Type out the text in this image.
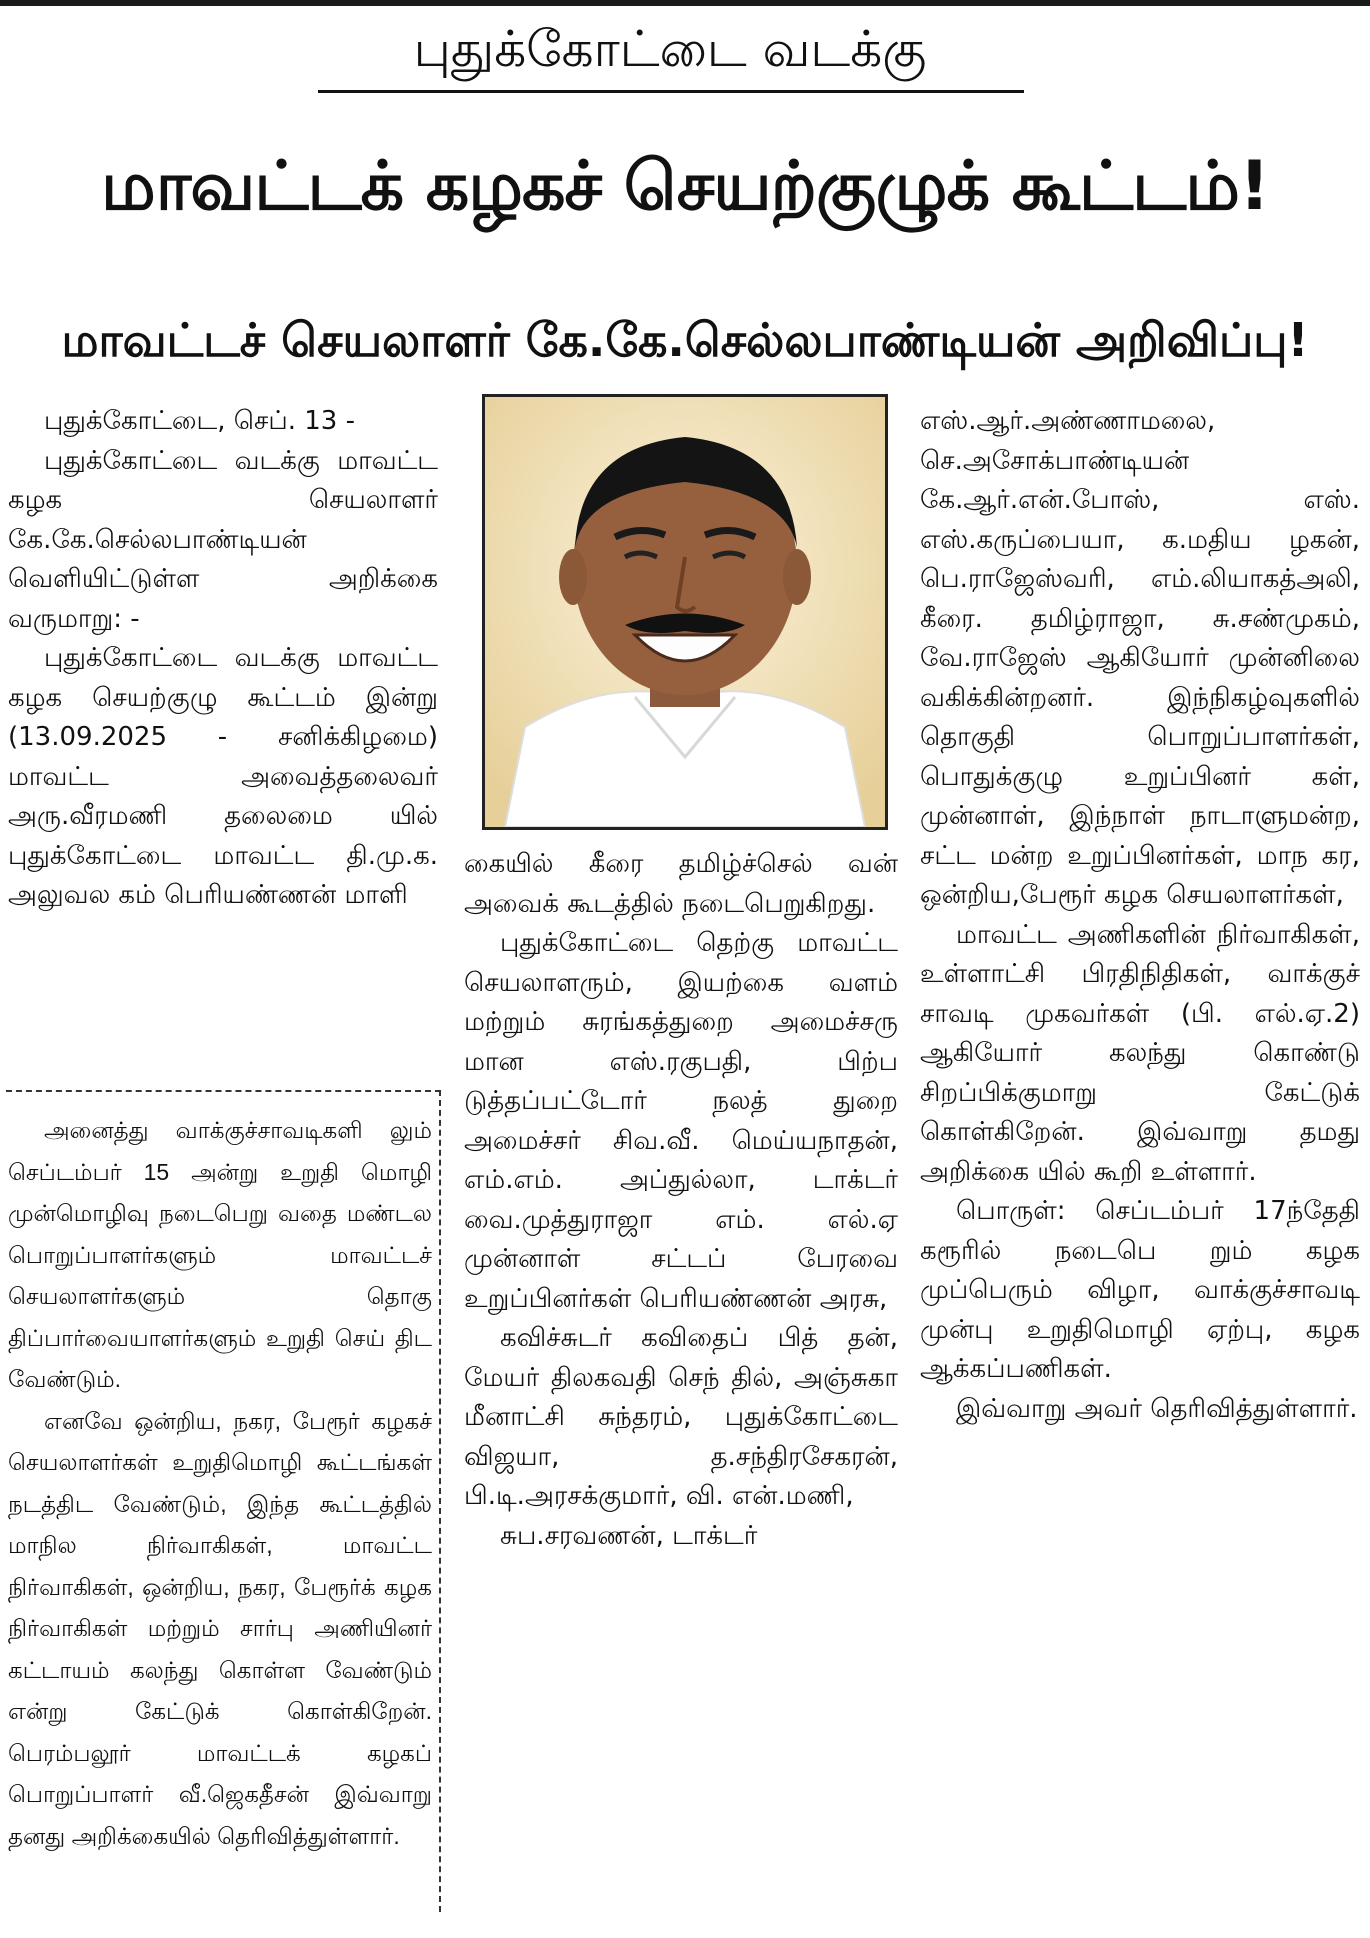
புதுக்கோட்டை வடக்கு
மாவட்டக் கழகச் செயற்குழுக் கூட்டம்!
மாவட்டச் செயலாளர் கே.கே.செல்லபாண்டியன் அறிவிப்பு!

புதுக்கோட்டை, செப். 13 -

புதுக்கோட்டை வடக்கு மாவட்ட கழக செயலாளர் கே.கே.செல்லபாண்டியன் வெளியிட்டுள்ள அறிக்கை வருமாறு: -

புதுக்கோட்டை வடக்கு மாவட்ட கழக செயற்குழு கூட்டம் இன்று (13.09.2025 - சனிக்கிழமை) மாவட்ட அவைத்தலைவர் அரு.வீரமணி தலைமை யில் புதுக்கோட்டை மாவட்ட தி.மு.க. அலுவல கம் பெரியண்ணன் மாளி

அனைத்து வாக்குச்சாவடிகளி லும் செப்டம்பர் 15 அன்று உறுதி மொழி முன்மொழிவு நடைபெறு வதை மண்டல பொறுப்பாளர்களும் மாவட்டச் செயலாளர்களும் தொகு திப்பார்வையாளர்களும் உறுதி செய் திட வேண்டும்.

எனவே ஒன்றிய, நகர, பேரூர் கழகச் செயலாளர்கள் உறுதிமொழி கூட்டங்கள் நடத்திட வேண்டும், இந்த கூட்டத்தில் மாநில நிர்வாகிகள், மாவட்ட நிர்வாகிகள், ஒன்றிய, நகர, பேரூர்க் கழக நிர்வாகிகள் மற்றும் சார்பு அணியினர் கட்டாயம் கலந்து கொள்ள வேண்டும் என்று கேட்டுக் கொள்கிறேன். பெரம்பலூர் மாவட்டக் கழகப் பொறுப்பாளர் வீ.ஜெகதீசன் இவ்வாறு தனது அறிக்கையில் தெரிவித்துள்ளார்.

கையில் கீரை தமிழ்ச்செல் வன் அவைக் கூடத்தில் நடைபெறுகிறது.

புதுக்கோட்டை தெற்கு மாவட்ட செயலாளரும், இயற்கை வளம் மற்றும் சுரங்கத்துறை அமைச்சரு மான எஸ்.ரகுபதி, பிற்ப டுத்தப்பட்டோர் நலத் துறை அமைச்சர் சிவ.வீ. மெய்யநாதன், எம்.எம். அப்துல்லா, டாக்டர் வை.முத்துராஜா எம். எல்.ஏ முன்னாள் சட்டப் பேரவை உறுப்பினர்கள் பெரியண்ணன் அரசு,

கவிச்சுடர் கவிதைப் பித் தன், மேயர் திலகவதி செந் தில், அஞ்சுகா மீனாட்சி சுந்தரம், புதுக்கோட்டை விஜயா, த.சந்திரசேகரன், பி.டி.அரசக்குமார், வி. என்.மணி,

சுப.சரவணன், டாக்டர்

எஸ்.ஆர்.அண்ணாமலை, செ.அசோக்பாண்டியன் கே.ஆர்.என்.போஸ், எஸ். எஸ்.கருப்பையா, க.மதிய ழகன், பெ.ராஜேஸ்வரி, எம்.லியாகத்அலி, கீரை. தமிழ்ராஜா, சு.சண்முகம், வே.ராஜேஸ் ஆகியோர் முன்னிலை வகிக்கின்றனர். இந்நிகழ்வுகளில் தொகுதி பொறுப்பாளர்கள், பொதுக்குழு உறுப்பினர் கள், முன்னாள், இந்நாள் நாடாளுமன்ற, சட்ட மன்ற உறுப்பினர்கள், மாந கர, ஒன்றிய,பேரூர் கழக செயலாளர்கள்,

மாவட்ட அணிகளின் நிர்வாகிகள், உள்ளாட்சி பிரதிநிதிகள், வாக்குச் சாவடி முகவர்கள் (பி. எல்.ஏ.2) ஆகியோர் கலந்து கொண்டு சிறப்பிக்குமாறு கேட்டுக் கொள்கிறேன். இவ்வாறு தமது அறிக்கை யில் கூறி உள்ளார்.

பொருள்: செப்டம்பர் 17ந்தேதி கரூரில் நடைபெ றும் கழக முப்பெரும் விழா, வாக்குச்சாவடி முன்பு உறுதிமொழி ஏற்பு, கழக ஆக்கப்பணிகள்.

இவ்வாறு அவர் தெரிவித்துள்ளார்.
